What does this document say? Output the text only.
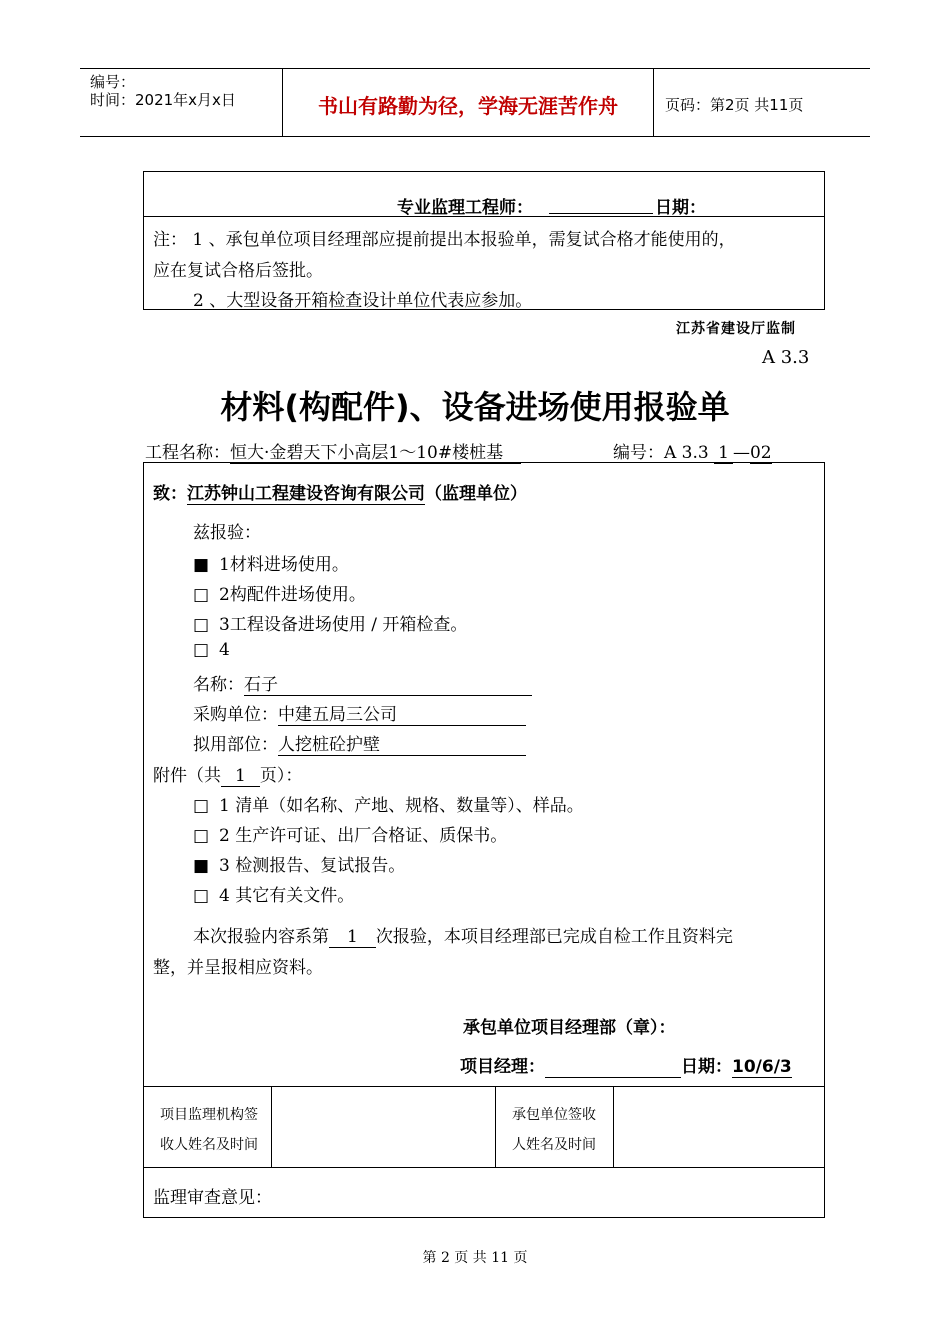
编号：
时间：2021年x月x日	书山有路勤为径，学海无涯苦作舟	页码：第2页 共11页
专业监理工程师：	日期：
注： 1 、承包单位项目经理部应提前提出本报验单，需复试合格才能使用的，
应在复试合格后签批。
2 、大型设备开箱检查设计单位代表应参加。
江苏省建设厅监制
A 3.3
材料(构配件)、设备进场使用报验单
工程名称：恒大·金碧天下小高层1～10#楼桩基	编号：A 3.3 1 —02
致：江苏钟山工程建设咨询有限公司（监理单位）
兹报验：
■ 1材料进场使用。
□ 2构配件进场使用。
□ 3工程设备进场使用 / 开箱检查。
□ 4
名称：石子
采购单位：中建五局三公司
拟用部位：人挖桩砼护壁
附件（共 1 页）：
□ 1 清单（如名称、产地、规格、数量等）、样品。
□ 2 生产许可证、出厂合格证、质保书。
■ 3 检测报告、复试报告。
□ 4 其它有关文件。
本次报验内容系第 1 次报验，本项目经理部已完成自检工作且资料完
整，并呈报相应资料。
承包单位项目经理部（章）：
项目经理：	日期：10/6/3
项目监理机构签
收人姓名及时间
承包单位签收
人姓名及时间
监理审查意见：
第 2 页 共 11 页
